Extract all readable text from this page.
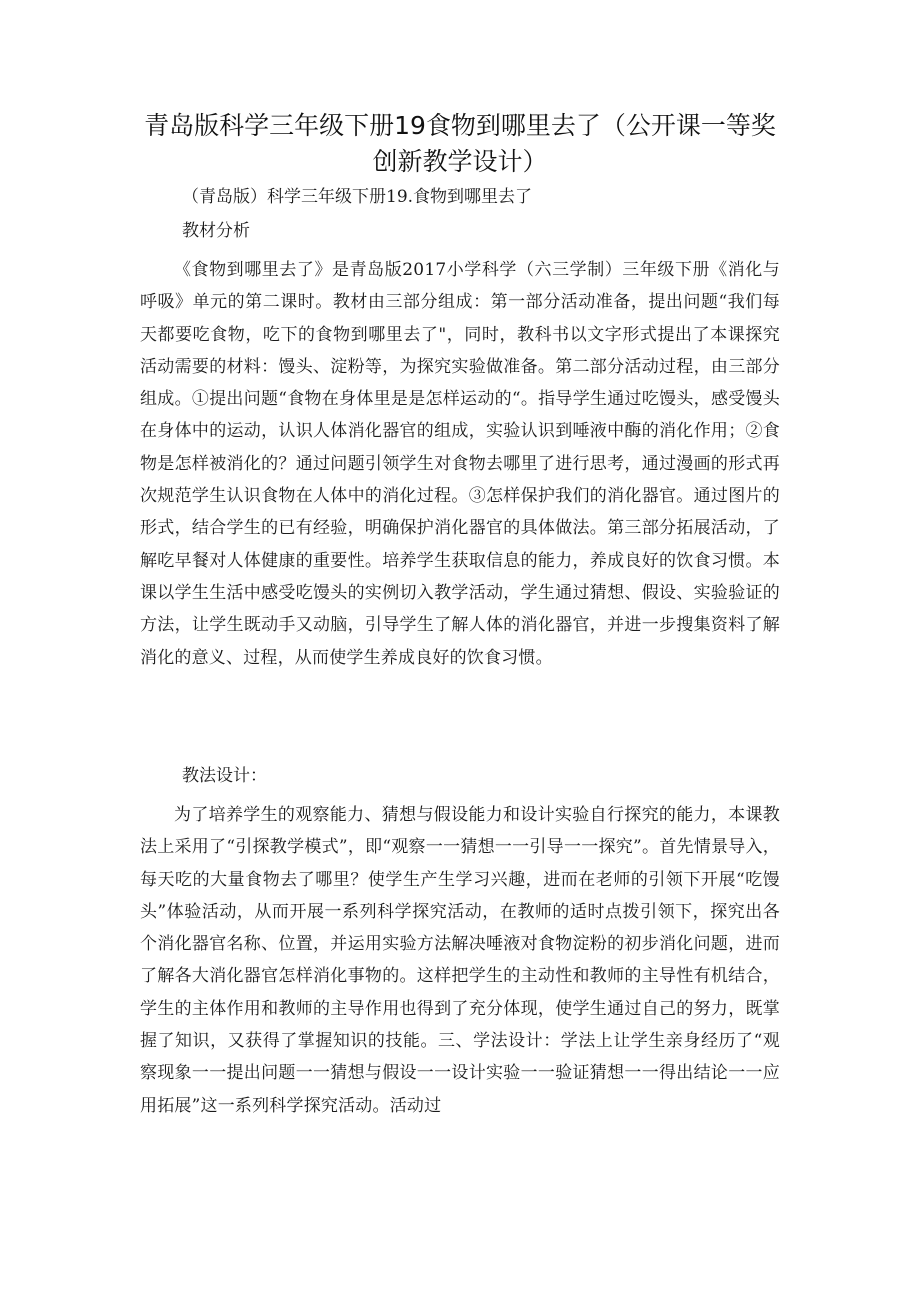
青岛版科学三年级下册19食物到哪里去了（公开课一等奖创新教学设计）

（青岛版）科学三年级下册19.食物到哪里去了

教材分析

《食物到哪里去了》是青岛版2017小学科学（六三学制）三年级下册《消化与呼吸》单元的第二课时。教材由三部分组成：第一部分活动准备，提出问题“我们每天都要吃食物，吃下的食物到哪里去了"，同时，教科书以文字形式提出了本课探究活动需要的材料：馒头、淀粉等，为探究实验做准备。第二部分活动过程，由三部分组成。①提出问题“食物在身体里是是怎样运动的“。指导学生通过吃馒头，感受馒头在身体中的运动，认识人体消化器官的组成，实验认识到唾液中酶的消化作用；②食物是怎样被消化的？通过问题引领学生对食物去哪里了进行思考，通过漫画的形式再次规范学生认识食物在人体中的消化过程。③怎样保护我们的消化器官。通过图片的形式，结合学生的已有经验，明确保护消化器官的具体做法。第三部分拓展活动，了解吃早餐对人体健康的重要性。培养学生获取信息的能力，养成良好的饮食习惯。本课以学生生活中感受吃馒头的实例切入教学活动，学生通过猜想、假设、实验验证的方法，让学生既动手又动脑，引导学生了解人体的消化器官，并进一步搜集资料了解消化的意义、过程，从而使学生养成良好的饮食习惯。

教法设计：

为了培养学生的观察能力、猜想与假设能力和设计实验自行探究的能力，本课教法上采用了“引探教学模式”，即“观察一一猜想一一引导一一探究”。首先情景导入，每天吃的大量食物去了哪里？使学生产生学习兴趣，进而在老师的引领下开展“吃馒头”体验活动，从而开展一系列科学探究活动，在教师的适时点拨引领下，探究出各个消化器官名称、位置，并运用实验方法解决唾液对食物淀粉的初步消化问题，进而了解各大消化器官怎样消化事物的。这样把学生的主动性和教师的主导性有机结合，学生的主体作用和教师的主导作用也得到了充分体现，使学生通过自己的努力，既掌握了知识，又获得了掌握知识的技能。三、学法设计：学法上让学生亲身经历了“观察现象一一提出问题一一猜想与假设一一设计实验一一验证猜想一一得出结论一一应用拓展”这一系列科学探究活动。活动过
